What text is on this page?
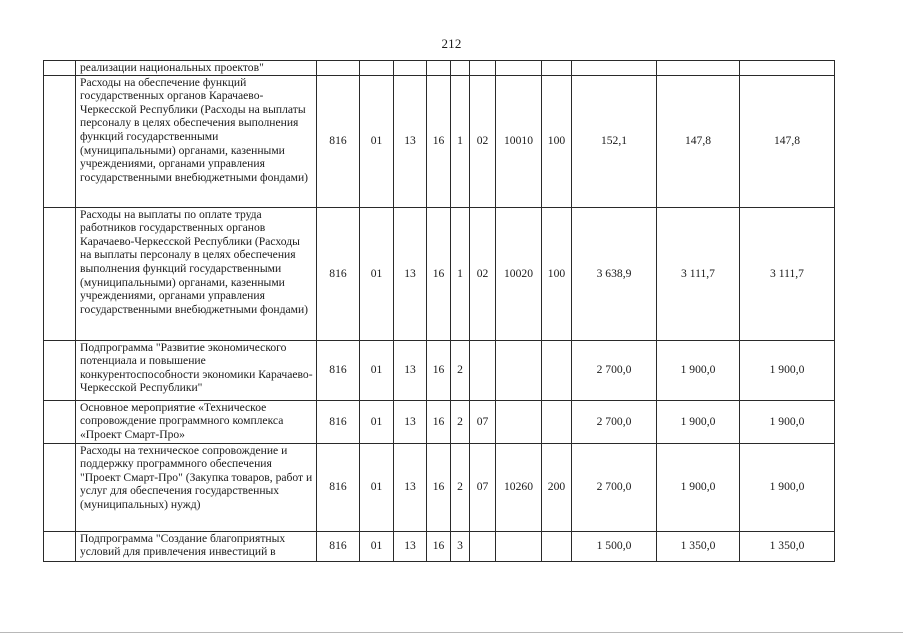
212
	реализации национальных проектов"											
	Расходы на обеспечение функций государственных органов Карачаево-Черкесской Республики (Расходы на выплаты персоналу в целях обеспечения выполнения функций государственными (муниципальными) органами, казенными учреждениями, органами управления государственными внебюджетными фондами)	816	01	13	16	1	02	10010	100	152,1	147,8	147,8
	Расходы на выплаты по оплате труда работников государственных органов Карачаево-Черкесской Республики (Расходы на выплаты персоналу в целях обеспечения выполнения функций государственными (муниципальными) органами, казенными учреждениями, органами управления государственными внебюджетными фондами)	816	01	13	16	1	02	10020	100	3 638,9	3 111,7	3 111,7
	Подпрограмма "Развитие экономического потенциала и повышение конкурентоспособности экономики Карачаево-Черкесской Республики"	816	01	13	16	2				2 700,0	1 900,0	1 900,0
	Основное мероприятие «Техническое сопровождение программного комплекса «Проект Смарт-Про»	816	01	13	16	2	07			2 700,0	1 900,0	1 900,0
	Расходы на техническое сопровождение и поддержку программного обеспечения "Проект Смарт-Про" (Закупка товаров, работ и услуг для обеспечения государственных (муниципальных) нужд)	816	01	13	16	2	07	10260	200	2 700,0	1 900,0	1 900,0
	Подпрограмма "Создание благоприятных условий для привлечения инвестиций в	816	01	13	16	3				1 500,0	1 350,0	1 350,0
